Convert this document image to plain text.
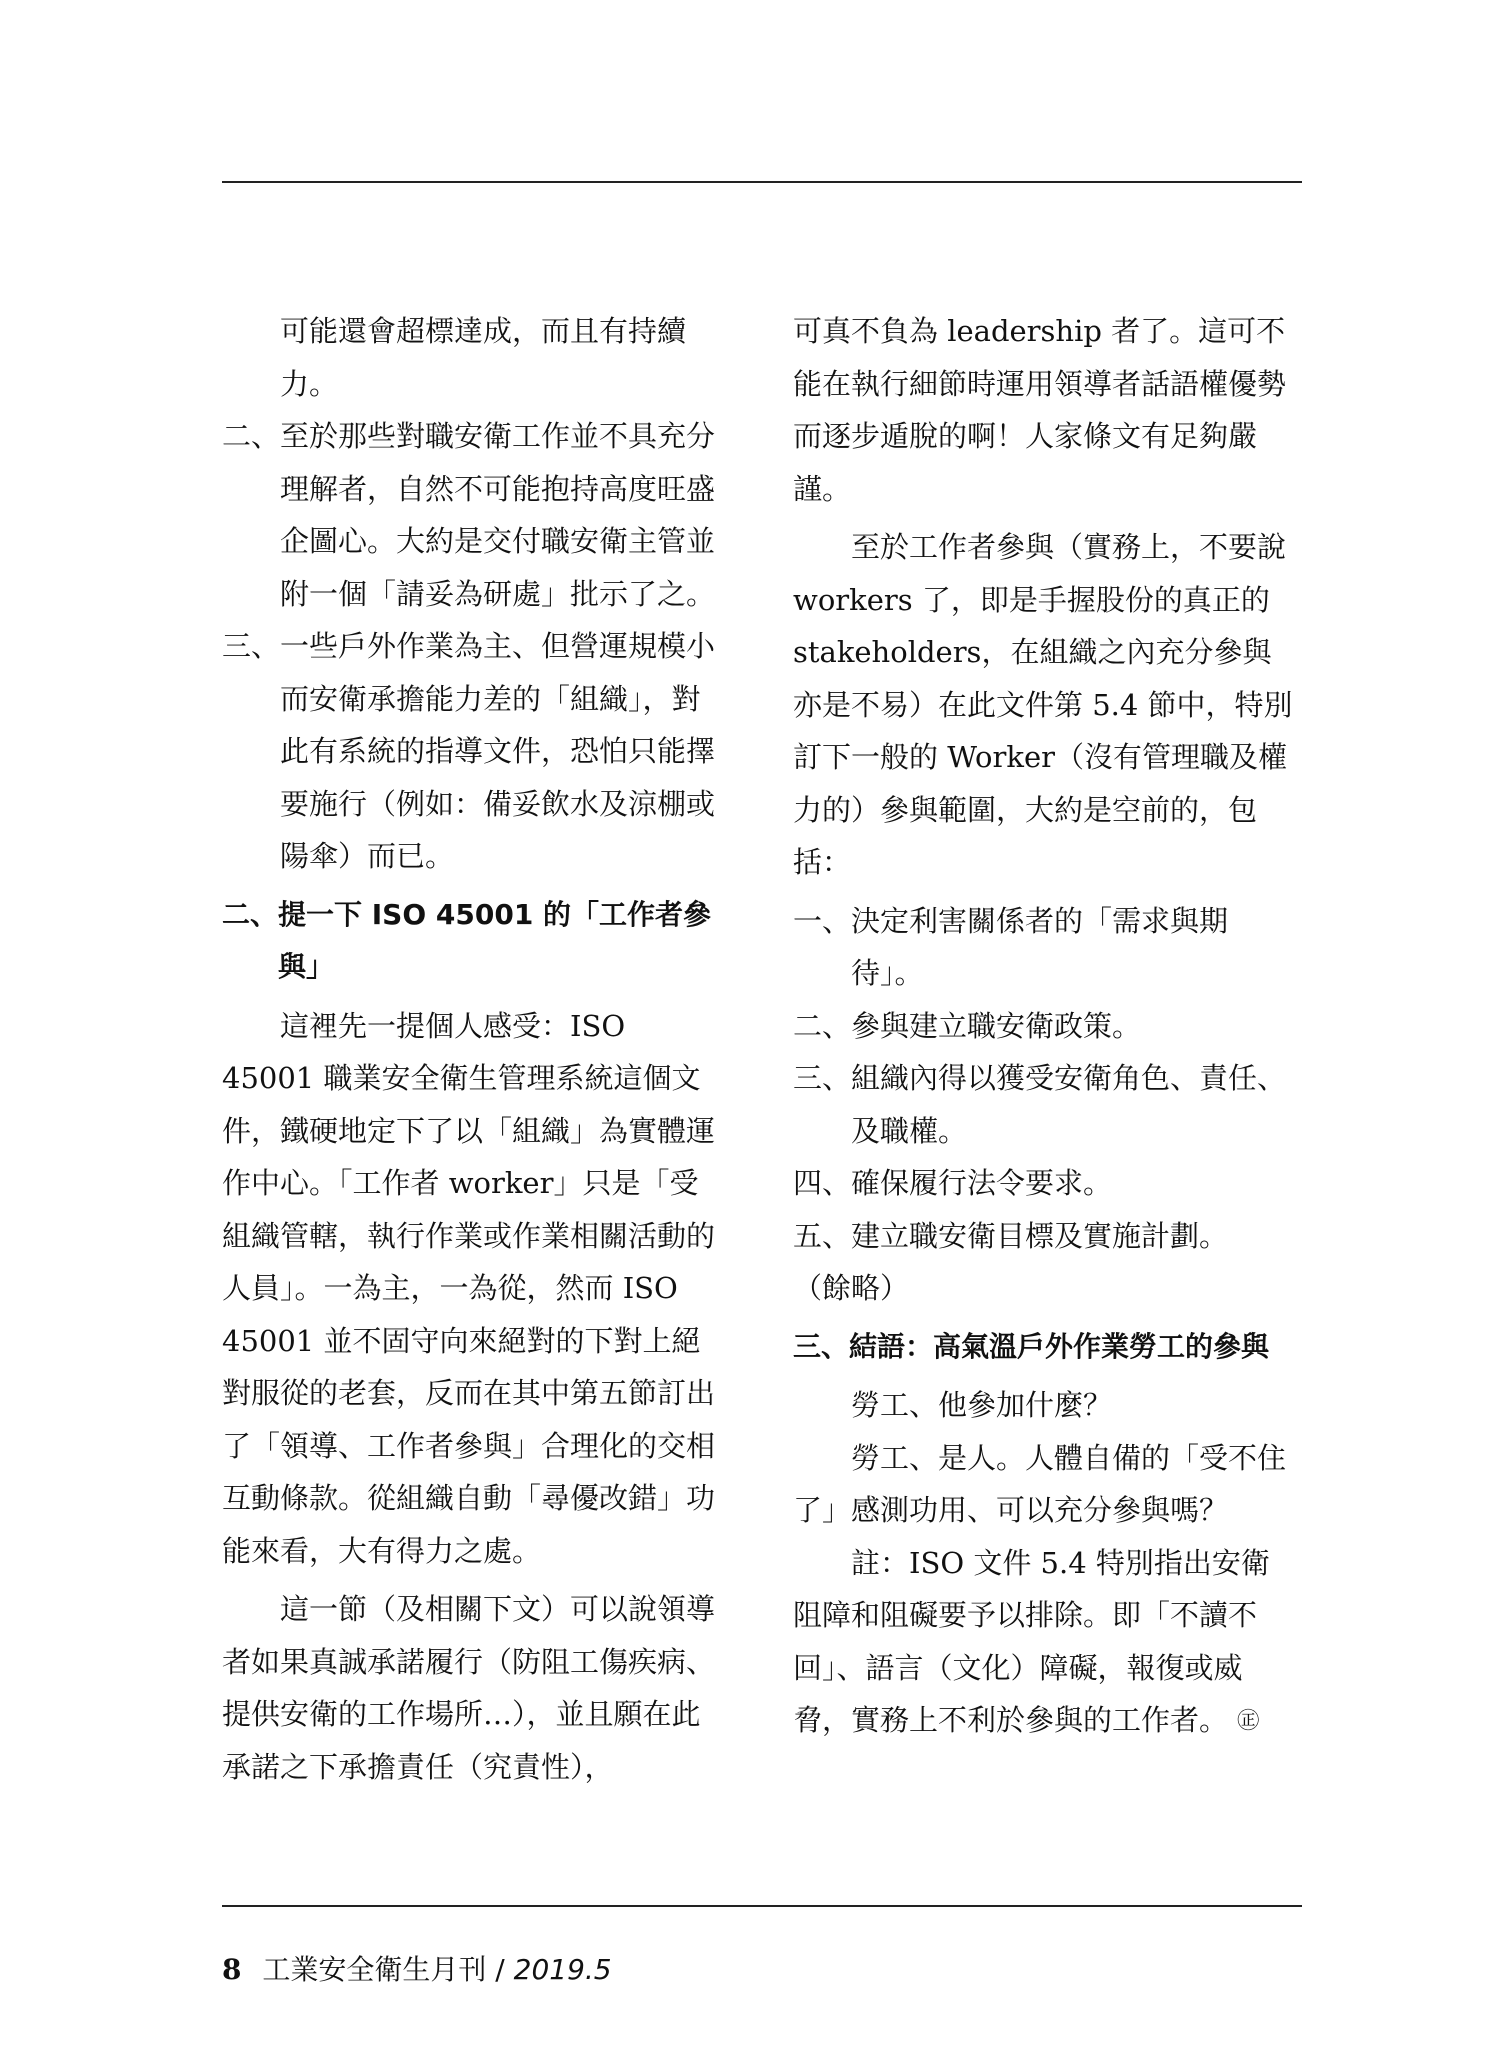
可能還會超標達成，而且有持續力。

二、至於那些對職安衛工作並不具充分理解者，自然不可能抱持高度旺盛企圖心。大約是交付職安衛主管並附一個「請妥為研處」批示了之。

三、一些戶外作業為主、但營運規模小而安衛承擔能力差的「組織」，對此有系統的指導文件，恐怕只能擇要施行（例如：備妥飲水及涼棚或陽傘）而已。

二、提一下 ISO 45001 的「工作者參與」

這裡先一提個人感受：ISO 45001 職業安全衛生管理系統這個文件，鐵硬地定下了以「組織」為實體運作中心。「工作者 worker」只是「受組織管轄，執行作業或作業相關活動的人員」。一為主，一為從，然而 ISO 45001 並不固守向來絕對的下對上絕對服從的老套，反而在其中第五節訂出了「領導、工作者參與」合理化的交相互動條款。從組織自動「尋優改錯」功能來看，大有得力之處。

這一節（及相關下文）可以說領導者如果真誠承諾履行（防阻工傷疾病、提供安衛的工作場所…），並且願在此承諾之下承擔責任（究責性），

可真不負為 leadership 者了。這可不能在執行細節時運用領導者話語權優勢而逐步遁脫的啊！人家條文有足夠嚴謹。

至於工作者參與（實務上，不要說 workers 了，即是手握股份的真正的 stakeholders，在組織之內充分參與亦是不易）在此文件第 5.4 節中，特別訂下一般的 Worker（沒有管理職及權力的）參與範圍，大約是空前的，包括：

一、決定利害關係者的「需求與期待」。

二、參與建立職安衛政策。

三、組織內得以獲受安衛角色、責任、及職權。

四、確保履行法令要求。

五、建立職安衛目標及實施計劃。

（餘略）

三、結語：高氣溫戶外作業勞工的參與

勞工、他參加什麼？

勞工、是人。人體自備的「受不住了」感測功用、可以充分參與嗎？

註：ISO 文件 5.4 特別指出安衛阻障和阻礙要予以排除。即「不讀不回」、語言（文化）障礙，報復或威脅，實務上不利於參與的工作者。 ㊣

8 工業安全衛生月刊 / 2019.5
